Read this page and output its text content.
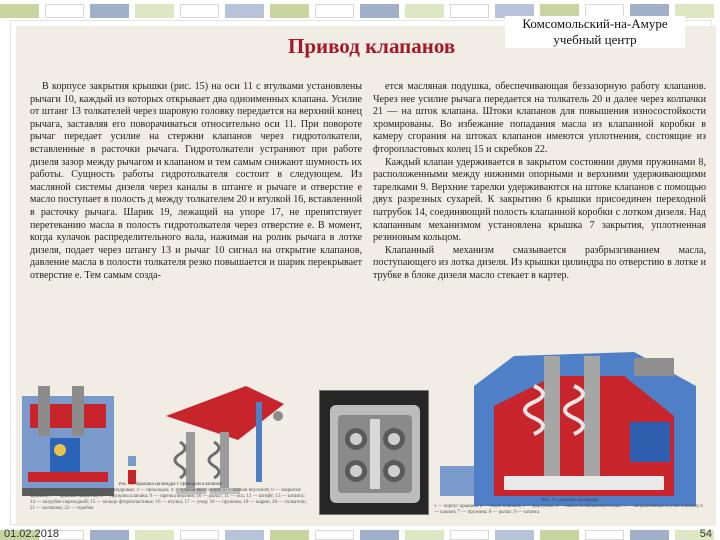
Привод клапанов

В корпусе закрытия крышки (рис. 15) на оси 11 с втулками установлены рычаги 10, каждый из которых открывает два одноименных клапана. Усилие от штанг 13 толкателей через шаровую головку передается на верхний конец рычага, заставляя его поворачиваться относительно оси 11. При повороте рычаг передает усилие на стержни клапанов через гидротолкатели, вставленные в расточки рычага. Гидротолкатели устраняют при работе дизеля зазор между рычагом и клапаном и тем самым снижают шумность их работы. Сущность работы гидротолкателя состоит в следующем. Из масляной системы дизеля через каналы в штанге и рычаге и отверстие е масло поступает в полость д между толкателем 20 и втулкой 16, вставленной в расточку рычага. Шарик 19, лежащий на упоре 17, не препятствует перетеканию масла в полость гидротолкателя через отверстие е. В момент, когда кулачок распределительного вала, нажимая на ролик рычага в лотке дизеля, подает через штангу 13 и рычаг 10 сигнал на открытие клапанов, давление масла в полости толкателя резко повышается и шарик перекрывает отверстие е. Тем самым созда-

ется масляная подушка, обеспечивающая беззазорную работу клапанов. Через нее усилие рычага передается на толкатель 20 и далее через колпачки 21 — на шток клапана. Штоки клапанов для повышения износостойкости хромированы. Во избежание попадания масла из клапанной коробки в камеру сгорания на штоках клапанов имеются уплотнения, состоящие из фторопластовых колец 15 и скребков 22.

Каждый клапан удерживается в закрытом состоянии двумя пружинами 8, расположенными между нижними опорными и верхними удерживающими тарелками 9. Верхние тарелки удерживаются на штоке клапанов с помощью двух разрезных сухарей. К закрытию 6 крышки присоединен переходной патрубок 14, соединяющий полость клапанной коробки с лотком дизеля. Над клапанным механизмом установлена крышка 7 закрытия, уплотненная резиновым кольцом.

Клапанный механизм смазывается разбрызгиванием масла, поступающего из лотка дизеля. Из крышки цилиндра по отверстию в лотке и трубке в блоке дизеля масло стекает в картер.

Рис. 15. Крышка цилиндра с приводом клапанов
1 — крышка цилиндра; 2 — гильза цилиндровая; 3 — прокладка; 4 — клапан выпускной; 5 — клапан впускной; 6 — закрытие крышки; 7 — крышка закрытия; 8 — пружина клапана; 9 — тарелка верхняя; 10 — рычаг; 11 — ось; 12 — штифт; 13 — штанга; 14 — патрубок переходной; 15 — кольцо фторопластовое; 16 — втулка; 17 — упор; 18 — пружина; 19 — шарик; 20 — толкатель; 21 — колпачок; 22 — скребок
Рис. 16. Крышка цилиндра
1 — корпус крышки; 2 — седло клапана; 3 — форсунка; 4 — канал охлаждающей воды; 5 — направляющая втулка клапана; 6 — клапан; 7 — пружина; 8 — рычаг; 9 — штанга
Комсомольский-на-Амуре
учебный центр
01.02.2018	54
